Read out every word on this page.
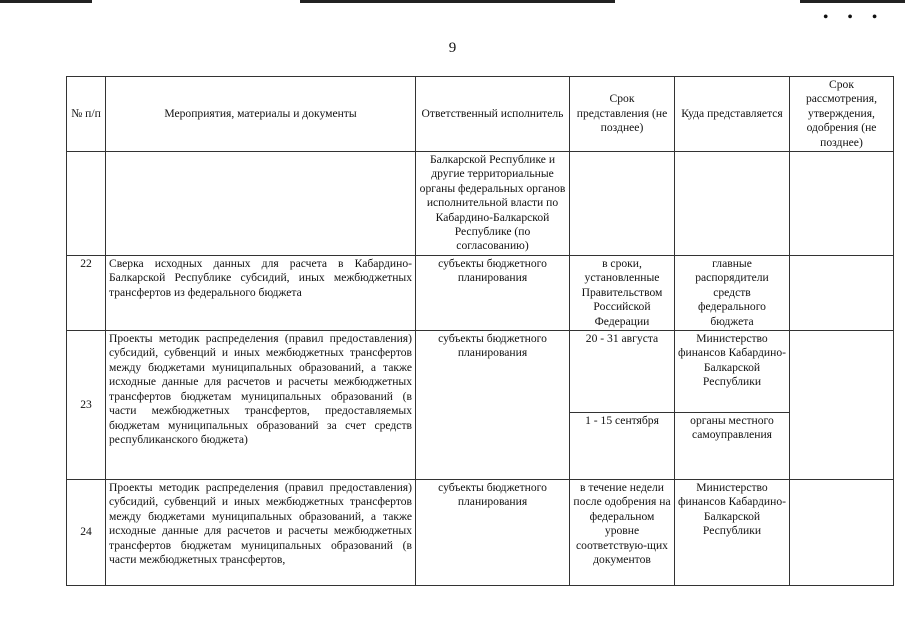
• • •
9
№ п/п	Мероприятия, материалы и документы	Ответственный исполнитель	Срок представления (не позднее)	Куда представляется	Срок рассмотрения, утверждения, одобрения (не позднее)
		Балкарской Республике и другие территориальные органы федеральных органов исполнительной власти по Кабардино-Балкарской Республике (по согласованию)			
22	Сверка исходных данных для расчета в Кабардино-Балкарской Республике субсидий, иных межбюджетных трансфертов из федерального бюджета	субъекты бюджетного планирования	в сроки, установленные Правительством Российской Федерации	главные распорядители средств федерального бюджета	
23	Проекты методик распределения (правил предоставления) субсидий, субвенций и иных межбюджетных трансфертов между бюджетами муниципальных образований, а также исходные данные для расчетов и расчеты межбюджетных трансфертов бюджетам муниципальных образований (в части межбюджетных трансфертов, предоставляемых бюджетам муниципальных образований за счет средств республиканского бюджета)	субъекты бюджетного планирования	20 - 31 августа	Министерство финансов Кабардино-Балкарской Республики	
			1 - 15 сентября	органы местного самоуправления	
24	Проекты методик распределения (правил предоставления) субсидий, субвенций и иных межбюджетных трансфертов между бюджетами муниципальных образований, а также исходные данные для расчетов и расчеты межбюджетных трансфертов бюджетам муниципальных образований (в части межбюджетных трансфертов,	субъекты бюджетного планирования	в течение недели после одобрения на федеральном уровне соответствую-щих документов	Министерство финансов Кабардино-Балкарской Республики	
